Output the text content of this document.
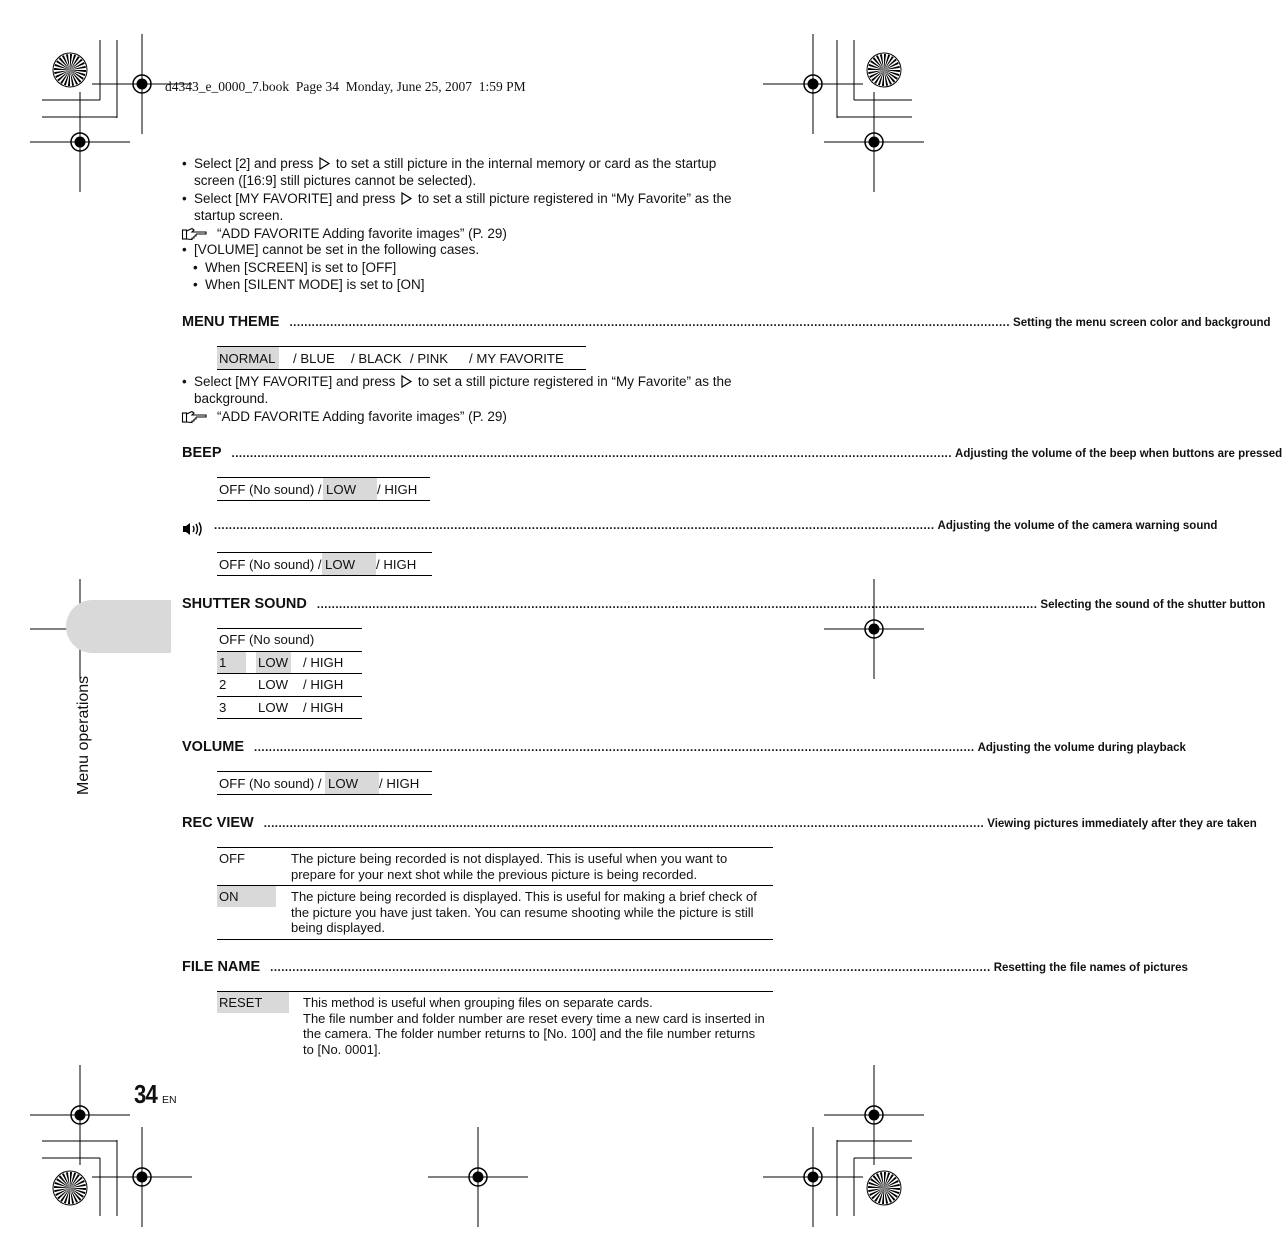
d4343_e_0000_7.book  Page 34  Monday, June 25, 2007  1:59 PM
• Select [2] and press to set a still picture in the internal memory or card as the startup
screen ([16:9] still pictures cannot be selected).
• Select [MY FAVORITE] and press to set a still picture registered in “My Favorite” as the
startup screen.
“ADD FAVORITE Adding favorite images” (P. 29)
• [VOLUME] cannot be set in the following cases.
• When [SCREEN] is set to [OFF]
• When [SILENT MODE] is set to [ON]
MENU THEME ................................................................................................................................................................................................... Setting the menu screen color and background
NORMAL / BLUE / BLACK / PINK / MY FAVORITE
• Select [MY FAVORITE] and press to set a still picture registered in “My Favorite” as the
background.
“ADD FAVORITE Adding favorite images” (P. 29)
BEEP ................................................................................................................................................................................................... Adjusting the volume of the beep when buttons are pressed
OFF (No sound) / LOW / HIGH
................................................................................................................................................................................................... Adjusting the volume of the camera warning sound
OFF (No sound) / LOW / HIGH
Menu operations
SHUTTER SOUND ................................................................................................................................................................................................... Selecting the sound of the shutter button
OFF (No sound)
1 LOW / HIGH
2 LOW / HIGH
3 LOW / HIGH
VOLUME ................................................................................................................................................................................................... Adjusting the volume during playback
OFF (No sound) / LOW / HIGH
REC VIEW ................................................................................................................................................................................................... Viewing pictures immediately after they are taken
OFF	The picture being recorded is not displayed. This is useful when you want to
prepare for your next shot while the previous picture is being recorded.
ON	The picture being recorded is displayed. This is useful for making a brief check of
the picture you have just taken. You can resume shooting while the picture is still
being displayed.
FILE NAME ................................................................................................................................................................................................... Resetting the file names of pictures
RESET	This method is useful when grouping files on separate cards.
The file number and folder number are reset every time a new card is inserted in
the camera. The folder number returns to [No. 100] and the file number returns
to [No. 0001].
34 EN
